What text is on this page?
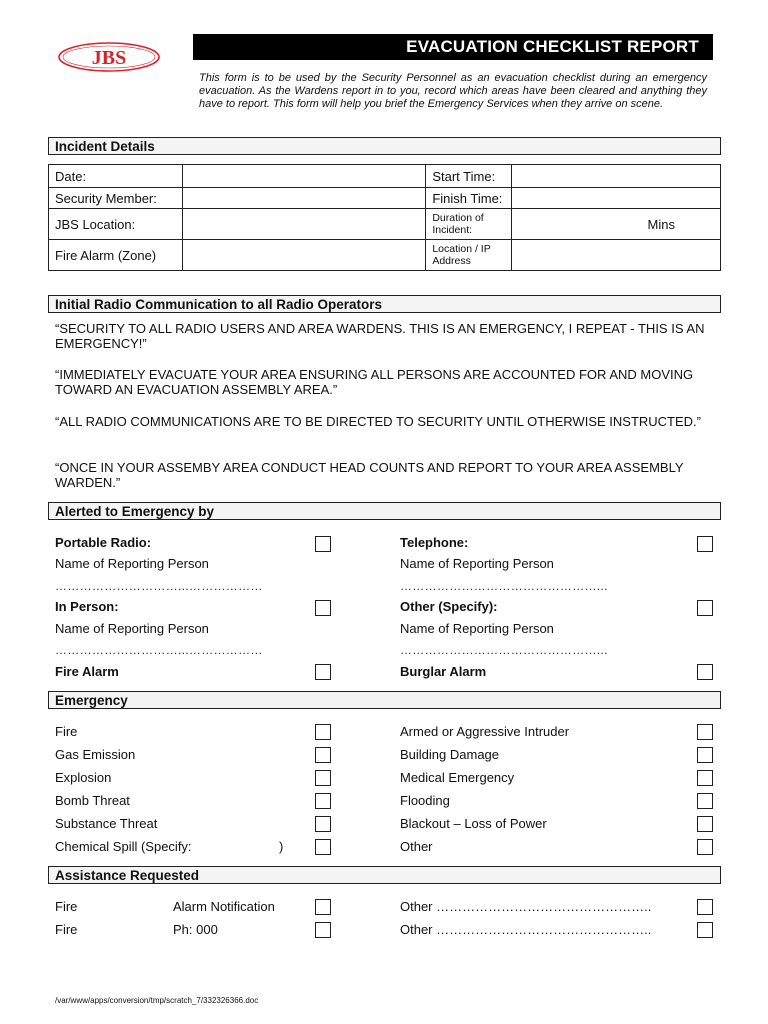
JBS
EVACUATION CHECKLIST REPORT
This form is to be used by the Security Personnel as an evacuation checklist during an emergency evacuation. As the Wardens report in to you, record which areas have been cleared and anything they have to report. This form will help you brief the Emergency Services when they arrive on scene.
Incident Details
Date:		Start Time:	
Security Member:		Finish Time:	
JBS Location:		Duration of Incident:	Mins
Fire Alarm (Zone)		Location / IP Address	
Initial Radio Communication to all Radio Operators
“SECURITY TO ALL RADIO USERS AND AREA WARDENS. THIS IS AN EMERGENCY, I REPEAT - THIS IS AN EMERGENCY!”
“IMMEDIATELY EVACUATE YOUR AREA ENSURING ALL PERSONS ARE ACCOUNTED FOR AND MOVING TOWARD AN EVACUATION ASSEMBLY AREA.”
“ALL RADIO COMMUNICATIONS ARE TO BE DIRECTED TO SECURITY UNTIL OTHERWISE INSTRUCTED.”
“ONCE IN YOUR ASSEMBY AREA CONDUCT HEAD COUNTS AND REPORT TO YOUR AREA ASSEMBLY WARDEN.”
Alerted to Emergency by
Portable Radio:	Telephone:
Name of Reporting Person	Name of Reporting Person
…………………………...………………	…………………………………………...
In Person:	Other (Specify):
Name of Reporting Person	Name of Reporting Person
…………………………...………………	…………………………………………...
Fire Alarm	Burglar Alarm
Emergency
Fire	Armed or Aggressive Intruder
Gas Emission	Building Damage
Explosion	Medical Emergency
Bomb Threat	Flooding
Substance Threat	Blackout – Loss of Power
Chemical Spill (Specify:	)	Other
Assistance Requested
Fire	Alarm Notification	Other …………………………………………..
Fire	Ph: 000	Other …………………………………………..
/var/www/apps/conversion/tmp/scratch_7/332326366.doc
